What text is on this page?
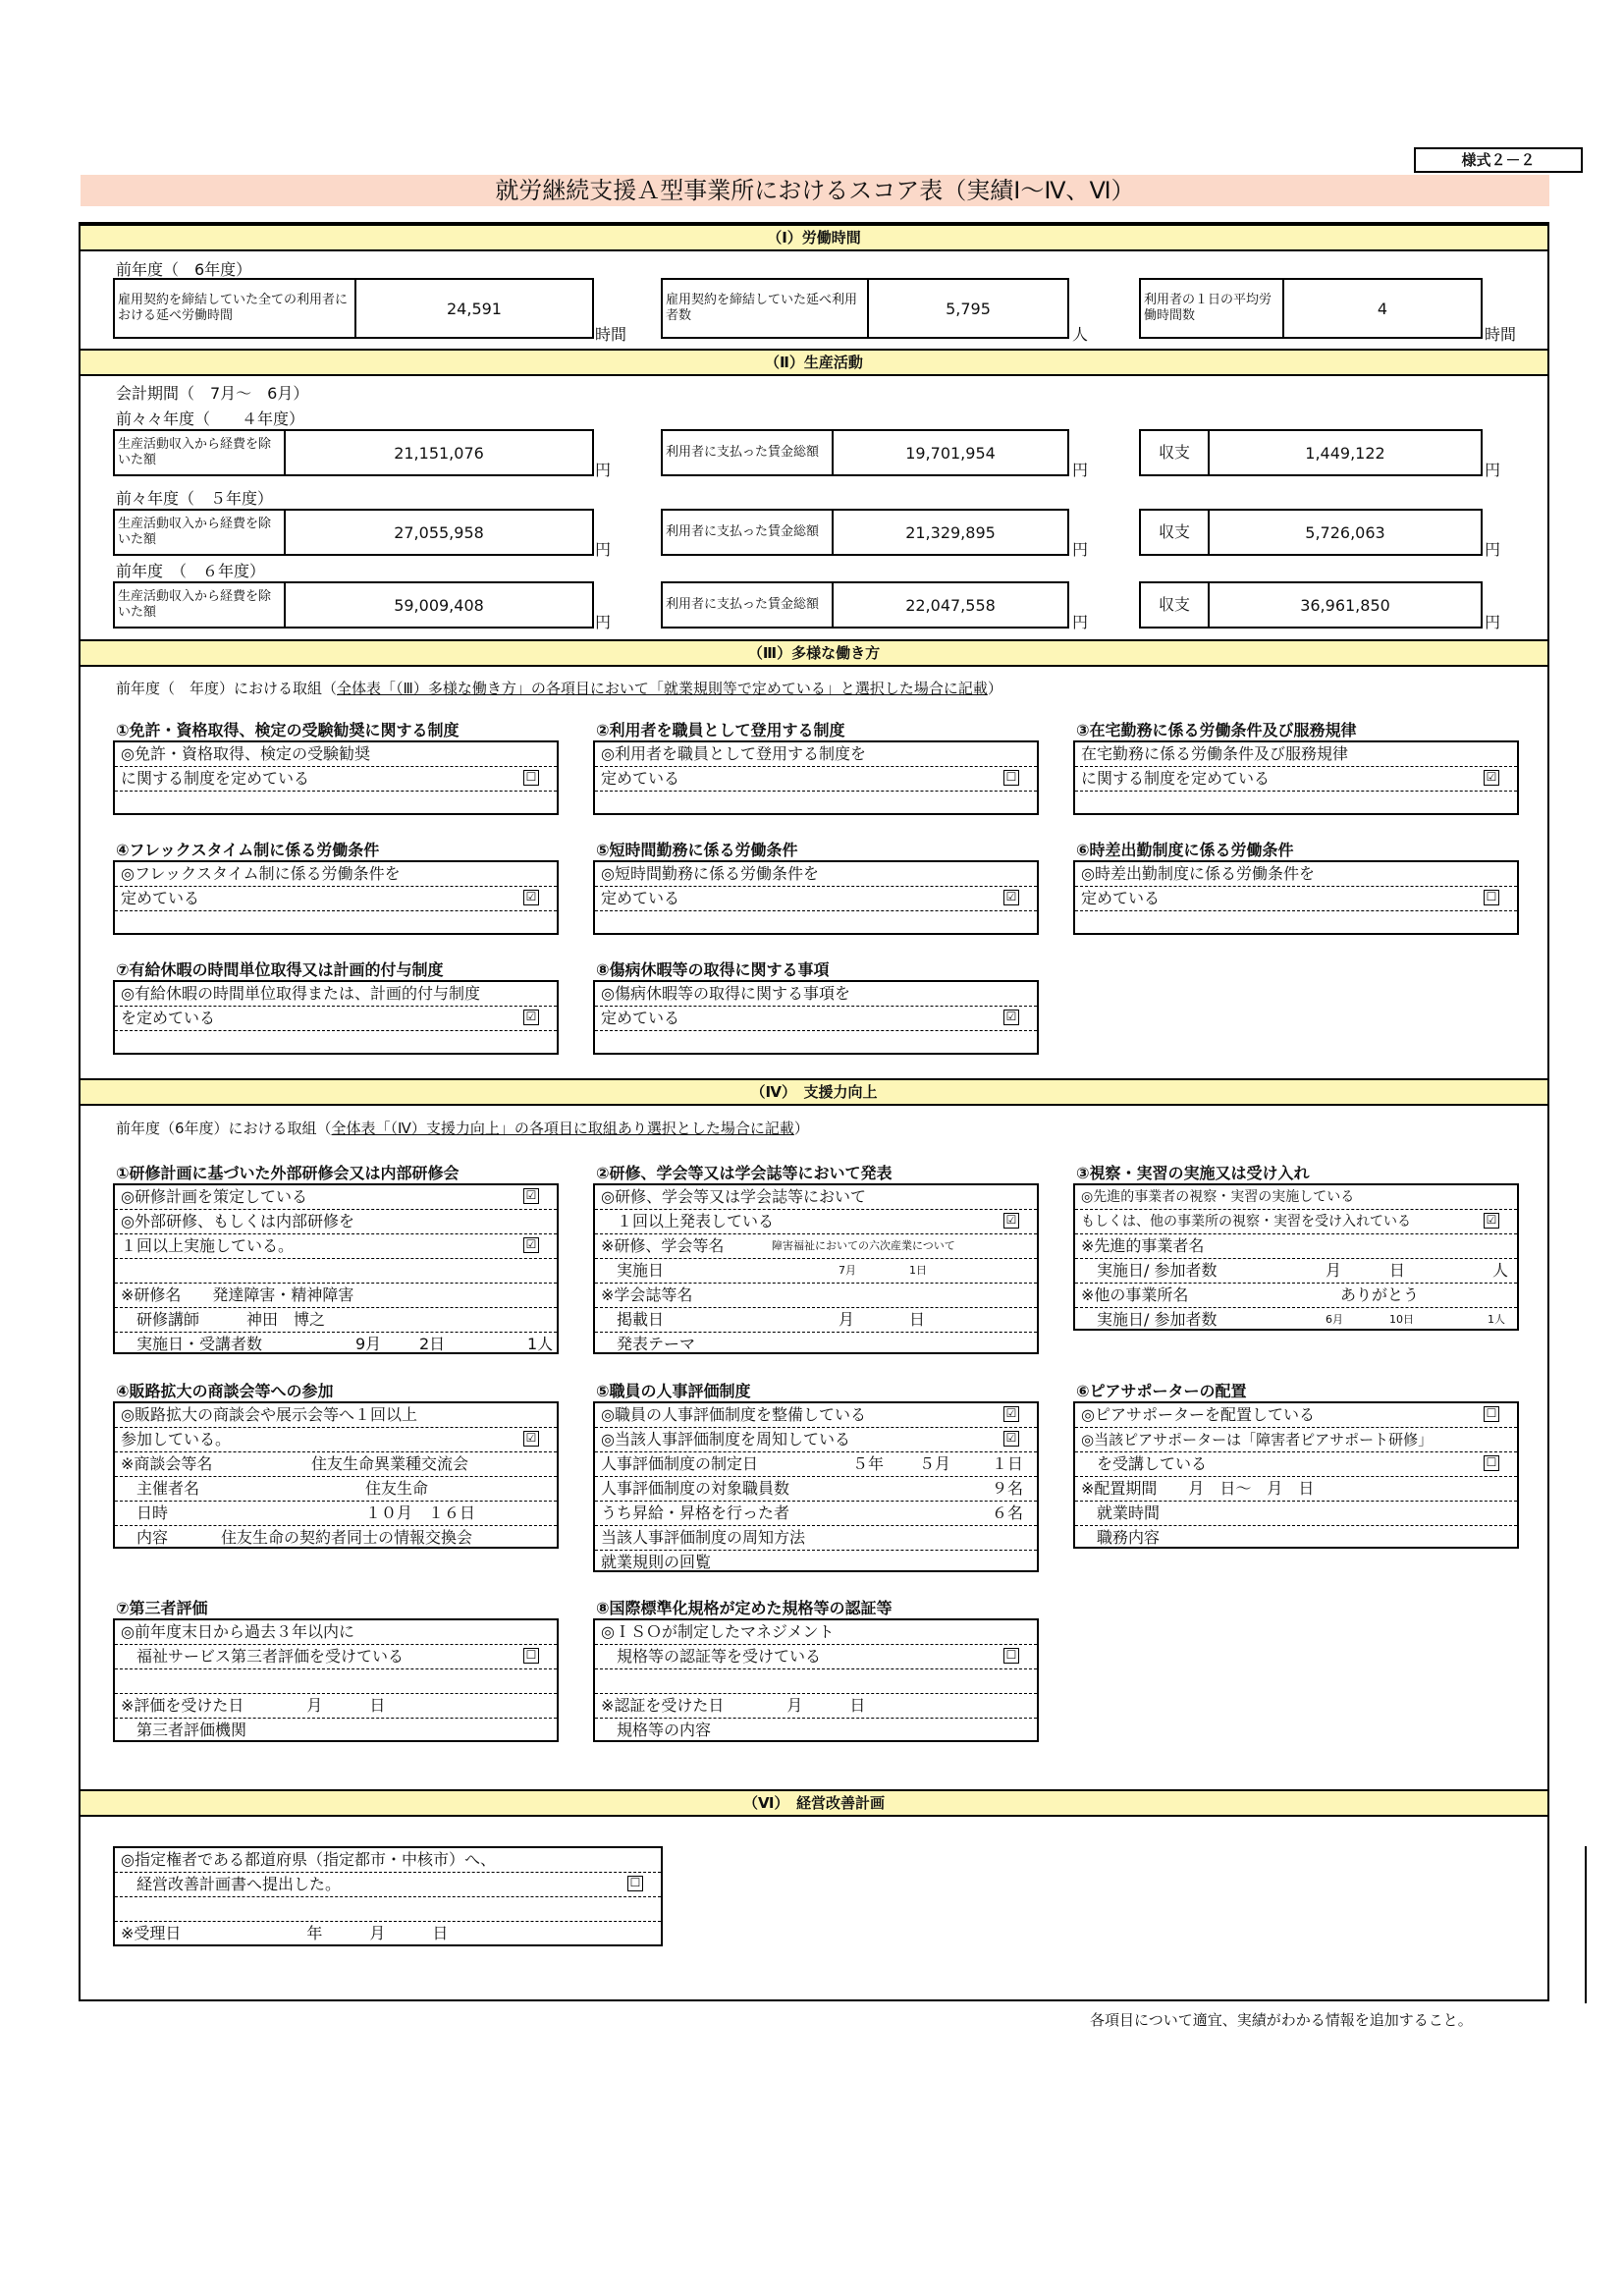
様式２－２
就労継続支援Ａ型事業所におけるスコア表（実績Ⅰ～Ⅳ、Ⅵ）
（Ⅰ）労働時間
前年度（　6年度）
雇用契約を締結していた全ての利用者における延べ労働時間	24,591
時間
雇用契約を締結していた延べ利用者数	5,795
人
利用者の１日の平均労働時間数	4
時間
（Ⅱ）生産活動
会計期間（　7月～　6月）
前々々年度（　　４年度）
生産活動収入から経費を除いた額	21,151,076
円
利用者に支払った賃金総額	19,701,954
円
収支	1,449,122
円
前々年度（　５年度）
生産活動収入から経費を除いた額	27,055,958
円
利用者に支払った賃金総額	21,329,895
円
収支	5,726,063
円
前年度　（　６年度）
生産活動収入から経費を除いた額	59,009,408
円
利用者に支払った賃金総額	22,047,558
円
収支	36,961,850
円
（Ⅲ）多様な働き方
前年度（　年度）における取組（全体表「（Ⅲ）多様な働き方」の各項目において「就業規則等で定めている」と選択した場合に記載）
①免許・資格取得、検定の受験勧奨に関する制度
◎免許・資格取得、検定の受験勧奨
に関する制度を定めている	☐
②利用者を職員として登用する制度
◎利用者を職員として登用する制度を
定めている	☐
③在宅勤務に係る労働条件及び服務規律
在宅勤務に係る労働条件及び服務規律
に関する制度を定めている	☑
④フレックスタイム制に係る労働条件
◎フレックスタイム制に係る労働条件を
定めている	☑
⑤短時間勤務に係る労働条件
◎短時間勤務に係る労働条件を
定めている	☑
⑥時差出勤制度に係る労働条件
◎時差出勤制度に係る労働条件を
定めている	☐
⑦有給休暇の時間単位取得又は計画的付与制度
◎有給休暇の時間単位取得または、計画的付与制度
を定めている	☑
⑧傷病休暇等の取得に関する事項
◎傷病休暇等の取得に関する事項を
定めている	☑
（Ⅳ）　支援力向上
前年度（6年度）における取組（全体表「（Ⅳ）支援力向上」の各項目に取組あり選択とした場合に記載）
①研修計画に基づいた外部研修会又は内部研修会
◎研修計画を策定している	☑
◎外部研修、もしくは内部研修を
１回以上実施している。	☑
※研修名　　発達障害・精神障害
　研修講師　　　神田　博之
　実施日・受講者数	9月 2日	1人
②研修、学会等又は学会誌等において発表
◎研修、学会等又は学会誌等において
　１回以上発表している	☑
※研修、学会等名	障害福祉においての六次産業について
　実施日	7月	1日
※学会誌等名
　掲載日	月	日
　発表テーマ
③視察・実習の実施又は受け入れ
◎先進的事業者の視察・実習の実施している
もしくは、他の事業所の視察・実習を受け入れている	☑
※先進的事業者名
　実施日/ 参加者数	月	日	人
※他の事業所名	ありがとう
　実施日/ 参加者数	6月	10日	1人
④販路拡大の商談会等への参加
◎販路拡大の商談会や展示会等へ１回以上
参加している。	☑
※商談会等名	住友生命異業種交流会
　主催者名	住友生命
　日時	１０月　１６日
　内容	住友生命の契約者同士の情報交換会
⑤職員の人事評価制度
◎職員の人事評価制度を整備している	☑
◎当該人事評価制度を周知している	☑
人事評価制度の制定日	５年 ５月	１日
人事評価制度の対象職員数	９名
うち昇給・昇格を行った者	６名
当該人事評価制度の周知方法
就業規則の回覧
⑥ピアサポーターの配置
◎ピアサポーターを配置している	☐
◎当該ピアサポーターは「障害者ピアサポート研修」
　を受講している	☐
※配置期間　　月　日～　月　日
　就業時間
　職務内容
⑦第三者評価
◎前年度末日から過去３年以内に
　福祉サービス第三者評価を受けている	☐
※評価を受けた日　　　　月　　　日
　第三者評価機関
⑧国際標準化規格が定めた規格等の認証等
◎ＩＳＯが制定したマネジメント
　規格等の認証等を受けている	☐
※認証を受けた日　　　　月　　　日
　規格等の内容
（Ⅵ）　経営改善計画
◎指定権者である都道府県（指定都市・中核市）へ、
　経営改善計画書へ提出した。	☐
※受理日　　　　　　　　年　　　月　　　日
各項目について適宜、実績がわかる情報を追加すること。
